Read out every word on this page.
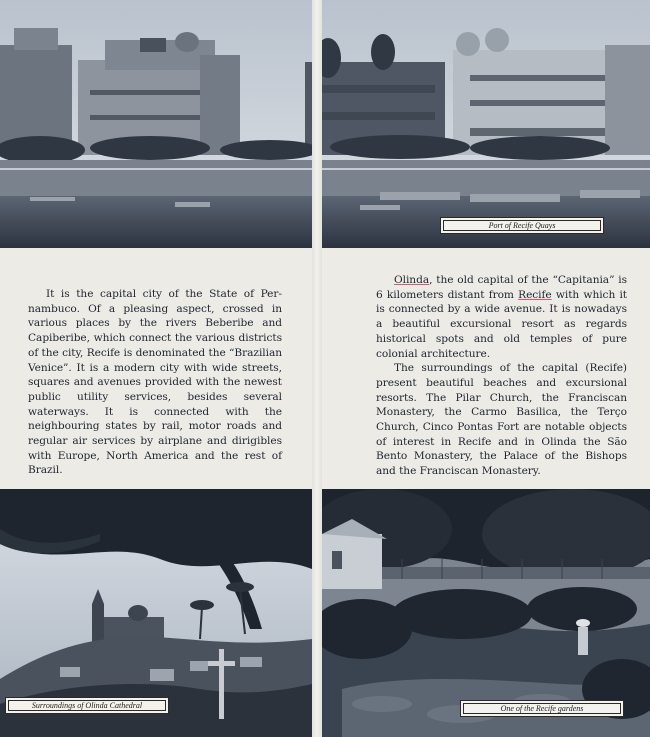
Port of Recife Quays

It is the capital city of the State of Pernambuco. Of a pleasing aspect, crossed in various places by the rivers Beberibe and Capiberibe, which connect the various districts of the city, Recife is denominated the “Brazilian Venice”. It is a modern city with wide streets, squares and avenues provided with the newest public utility services, besides several waterways. It is connected with the neighbouring states by rail, motor roads and regular air services by airplane and dirigibles with Europe, North America and the rest of Brazil.

Olinda, the old capital of the “Capitania” is 6 kilometers distant from Recife with which it is connected by a wide avenue. It is nowadays a beautiful excursional resort as regards historical spots and old temples of pure colonial architecture.

The surroundings of the capital (Recife) present beautiful beaches and excursional resorts. The Pilar Church, the Franciscan Monastery, the Carmo Basilica, the Terço Church, Cinco Pontas Fort are notable objects of interest in Recife and in Olinda the São Bento Monastery, the Palace of the Bishops and the Franciscan Monastery.

Surroundings of Olinda Cathedral	One of the Recife gardens
